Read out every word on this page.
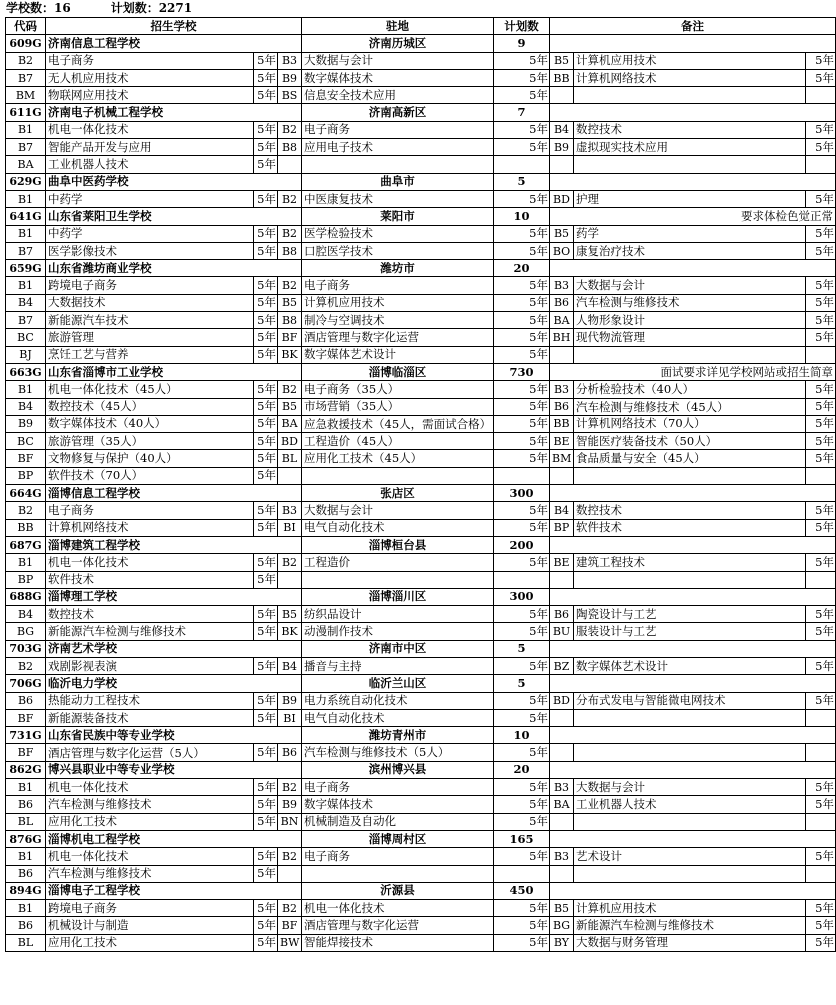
学校数：16	计划数：2271
代码	招生学校			驻地	计划数	备注		
609G	济南信息工程学校			济南历城区	9			
B2	电子商务	5年	B3	大数据与会计	5年	B5	计算机应用技术	5年
B7	无人机应用技术	5年	B9	数字媒体技术	5年	BB	计算机网络技术	5年
BM	物联网应用技术	5年	BS	信息安全技术应用	5年			
611G	济南电子机械工程学校			济南高新区	7			
B1	机电一体化技术	5年	B2	电子商务	5年	B4	数控技术	5年
B7	智能产品开发与应用	5年	B8	应用电子技术	5年	B9	虚拟现实技术应用	5年
BA	工业机器人技术	5年						
629G	曲阜中医药学校			曲阜市	5			
B1	中药学	5年	B2	中医康复技术	5年	BD	护理	5年
641G	山东省莱阳卫生学校			莱阳市	10	要求体检色觉正常		
B1	中药学	5年	B2	医学检验技术	5年	B5	药学	5年
B7	医学影像技术	5年	B8	口腔医学技术	5年	BO	康复治疗技术	5年
659G	山东省潍坊商业学校			潍坊市	20			
B1	跨境电子商务	5年	B2	电子商务	5年	B3	大数据与会计	5年
B4	大数据技术	5年	B5	计算机应用技术	5年	B6	汽车检测与维修技术	5年
B7	新能源汽车技术	5年	B8	制冷与空调技术	5年	BA	人物形象设计	5年
BC	旅游管理	5年	BF	酒店管理与数字化运营	5年	BH	现代物流管理	5年
BJ	烹饪工艺与营养	5年	BK	数字媒体艺术设计	5年			
663G	山东省淄博市工业学校			淄博临淄区	730	面试要求详见学校网站或招生简章		
B1	机电一体化技术（45人）	5年	B2	电子商务（35人）	5年	B3	分析检验技术（40人）	5年
B4	数控技术（45人）	5年	B5	市场营销（35人）	5年	B6	汽车检测与维修技术（45人）	5年
B9	数字媒体技术（40人）	5年	BA	应急救援技术（45人，需面试合格）	5年	BB	计算机网络技术（70人）	5年
BC	旅游管理（35人）	5年	BD	工程造价（45人）	5年	BE	智能医疗装备技术（50人）	5年
BF	文物修复与保护（40人）	5年	BL	应用化工技术（45人）	5年	BM	食品质量与安全（45人）	5年
BP	软件技术（70人）	5年						
664G	淄博信息工程学校			张店区	300			
B2	电子商务	5年	B3	大数据与会计	5年	B4	数控技术	5年
BB	计算机网络技术	5年	BI	电气自动化技术	5年	BP	软件技术	5年
687G	淄博建筑工程学校			淄博桓台县	200			
B1	机电一体化技术	5年	B2	工程造价	5年	BE	建筑工程技术	5年
BP	软件技术	5年						
688G	淄博理工学校			淄博淄川区	300			
B4	数控技术	5年	B5	纺织品设计	5年	B6	陶瓷设计与工艺	5年
BG	新能源汽车检测与维修技术	5年	BK	动漫制作技术	5年	BU	服装设计与工艺	5年
703G	济南艺术学校			济南市中区	5			
B2	戏剧影视表演	5年	B4	播音与主持	5年	BZ	数字媒体艺术设计	5年
706G	临沂电力学校			临沂兰山区	5			
B6	热能动力工程技术	5年	B9	电力系统自动化技术	5年	BD	分布式发电与智能微电网技术	5年
BF	新能源装备技术	5年	BI	电气自动化技术	5年			
731G	山东省民族中等专业学校			潍坊青州市	10			
BF	酒店管理与数字化运营（5人）	5年	B6	汽车检测与维修技术（5人）	5年			
862G	博兴县职业中等专业学校			滨州博兴县	20			
B1	机电一体化技术	5年	B2	电子商务	5年	B3	大数据与会计	5年
B6	汽车检测与维修技术	5年	B9	数字媒体技术	5年	BA	工业机器人技术	5年
BL	应用化工技术	5年	BN	机械制造及自动化	5年			
876G	淄博机电工程学校			淄博周村区	165			
B1	机电一体化技术	5年	B2	电子商务	5年	B3	艺术设计	5年
B6	汽车检测与维修技术	5年						
894G	淄博电子工程学校			沂源县	450			
B1	跨境电子商务	5年	B2	机电一体化技术	5年	B5	计算机应用技术	5年
B6	机械设计与制造	5年	BF	酒店管理与数字化运营	5年	BG	新能源汽车检测与维修技术	5年
BL	应用化工技术	5年	BW	智能焊接技术	5年	BY	大数据与财务管理	5年
